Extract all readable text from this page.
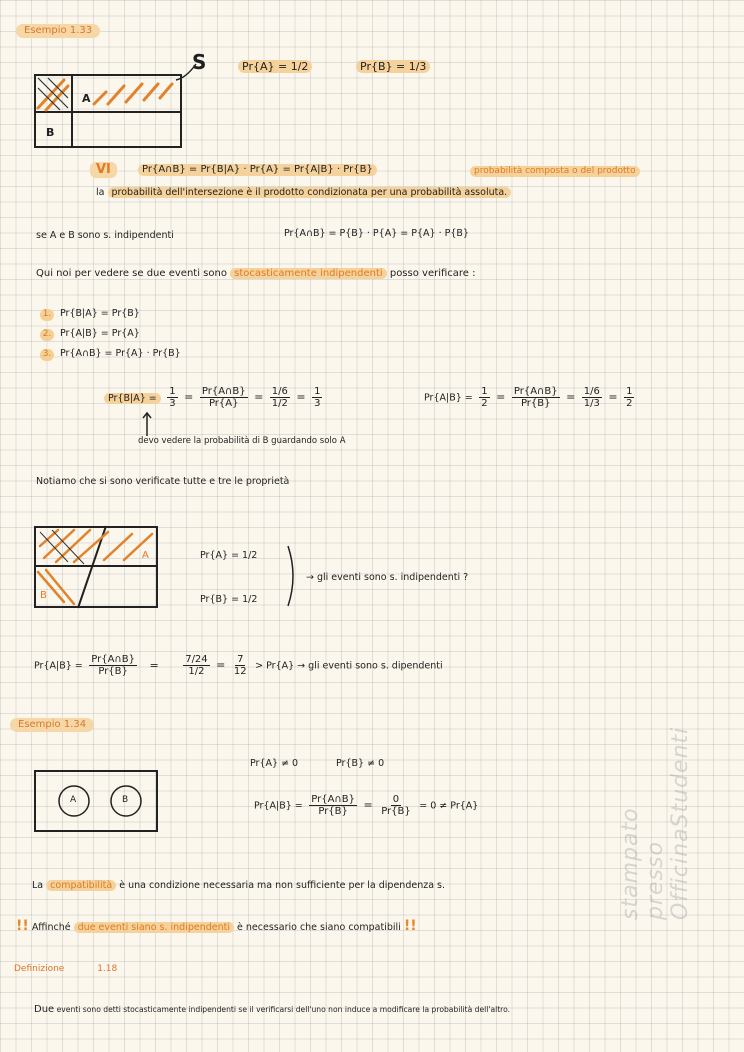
Esempio 1.33
A
B
S	Pr{A} = 1/2	Pr{B} = 1/3
VI	Pr{A∩B} = Pr{B|A} · Pr{A} = Pr{A|B} · Pr{B}	probabilità composta o del prodotto
la probabilità dell'intersezione è il prodotto condizionata per una probabilità assoluta.
se A e B sono s. indipendenti	Pr{A∩B} = P{B} · P{A} = P{A} · P{B}
Qui noi per vedere se due eventi sono stocasticamente indipendenti posso verificare :
1. Pr{B|A} = Pr{B}
2. Pr{A|B} = Pr{A}
3. Pr{A∩B} = Pr{A} · Pr{B}
$Pr\{B|A\} = \frac{1}{3} = \frac{Pr\{A\cap B\}}{Pr\{A\}} = \frac{1/6}{1/2} = \frac{1}{3}$	$Pr\{A|B\} = \frac{1}{2} = \frac{Pr\{A\cap B\}}{Pr\{B\}} = \frac{1/6}{1/3} = \frac{1}{2}$
devo vedere la probabilità di B guardando solo A
Notiamo che si sono verificate tutte e tre le proprietà
A
B
Pr{A} = 1/2
Pr{B} = 1/2
→ gli eventi sono s. indipendenti ?
$Pr\{A|B\} = \frac{Pr\{A\cap B\}}{Pr\{B\}} = \frac{7/24}{1/2} = \frac{7}{12} > Pr\{A\}$ → gli eventi sono s. dipendenti
Esempio 1.34
A	B
Pr{A} ≠ 0	Pr{B} ≠ 0
$Pr\{A|B\} = \frac{Pr\{A\cap B\}}{Pr\{B\}} = \frac{0}{Pr\{B\}} = 0 \ne Pr\{A\}$
La compatibilità è una condizione necessaria ma non sufficiente per la dipendenza s.
!! Affinché due eventi siano s. indipendenti è necessario che siano compatibili !!
Definizione	1.18
Due eventi sono detti stocasticamente indipendenti se il verificarsi dell'uno non induce a modificare la probabilità dell'altro.
stampato presso OfficinaStudenti
